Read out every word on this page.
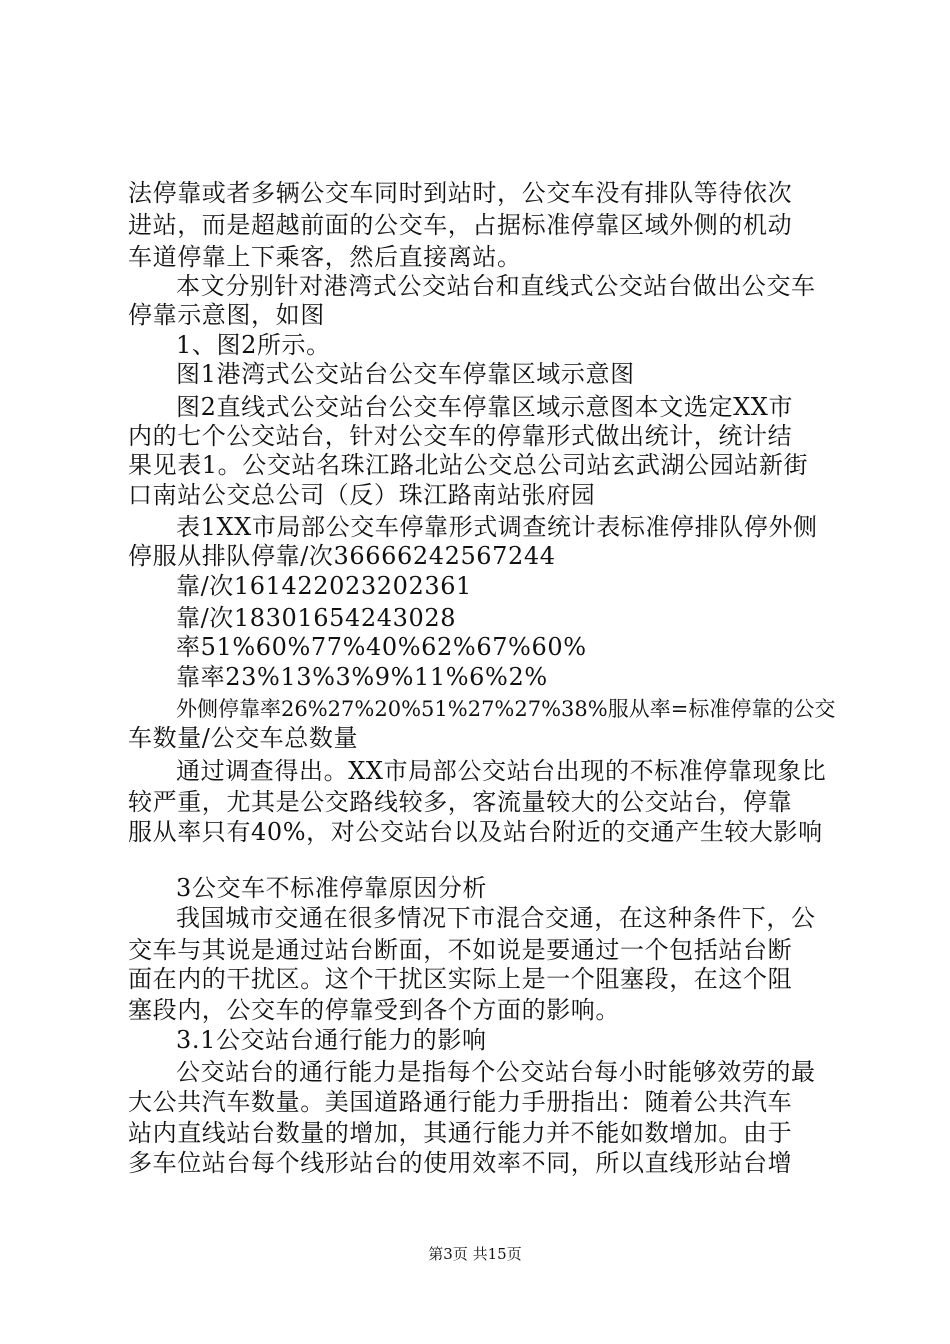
法停靠或者多辆公交车同时到站时，公交车没有排队等待依次
进站，而是超越前面的公交车，占据标准停靠区域外侧的机动
车道停靠上下乘客，然后直接离站。
本文分别针对港湾式公交站台和直线式公交站台做出公交车
停靠示意图，如图
1、图2所示。
图1港湾式公交站台公交车停靠区域示意图
图2直线式公交站台公交车停靠区域示意图本文选定XX市
内的七个公交站台，针对公交车的停靠形式做出统计，统计结
果见表1。公交站名珠江路北站公交总公司站玄武湖公园站新街
口南站公交总公司（反）珠江路南站张府园
表1XX市局部公交车停靠形式调查统计表标准停排队停外侧
停服从排队停靠/次36666242567244
靠/次161422023202361
靠/次18301654243028
率51%60%77%40%62%67%60%
靠率23%13%3%9%11%6%2%
外侧停靠率26%27%20%51%27%27%38%服从率=标准停靠的公交
车数量/公交车总数量
通过调查得出。XX市局部公交站台出现的不标准停靠现象比
较严重，尤其是公交路线较多，客流量较大的公交站台，停靠
服从率只有40%，对公交站台以及站台附近的交通产生较大影响
3公交车不标准停靠原因分析
我国城市交通在很多情况下市混合交通，在这种条件下，公
交车与其说是通过站台断面，不如说是要通过一个包括站台断
面在内的干扰区。这个干扰区实际上是一个阻塞段，在这个阻
塞段内，公交车的停靠受到各个方面的影响。
3.1公交站台通行能力的影响
公交站台的通行能力是指每个公交站台每小时能够效劳的最
大公共汽车数量。美国道路通行能力手册指出：随着公共汽车
站内直线站台数量的增加，其通行能力并不能如数增加。由于
多车位站台每个线形站台的使用效率不同，所以直线形站台增
第3页 共15页
